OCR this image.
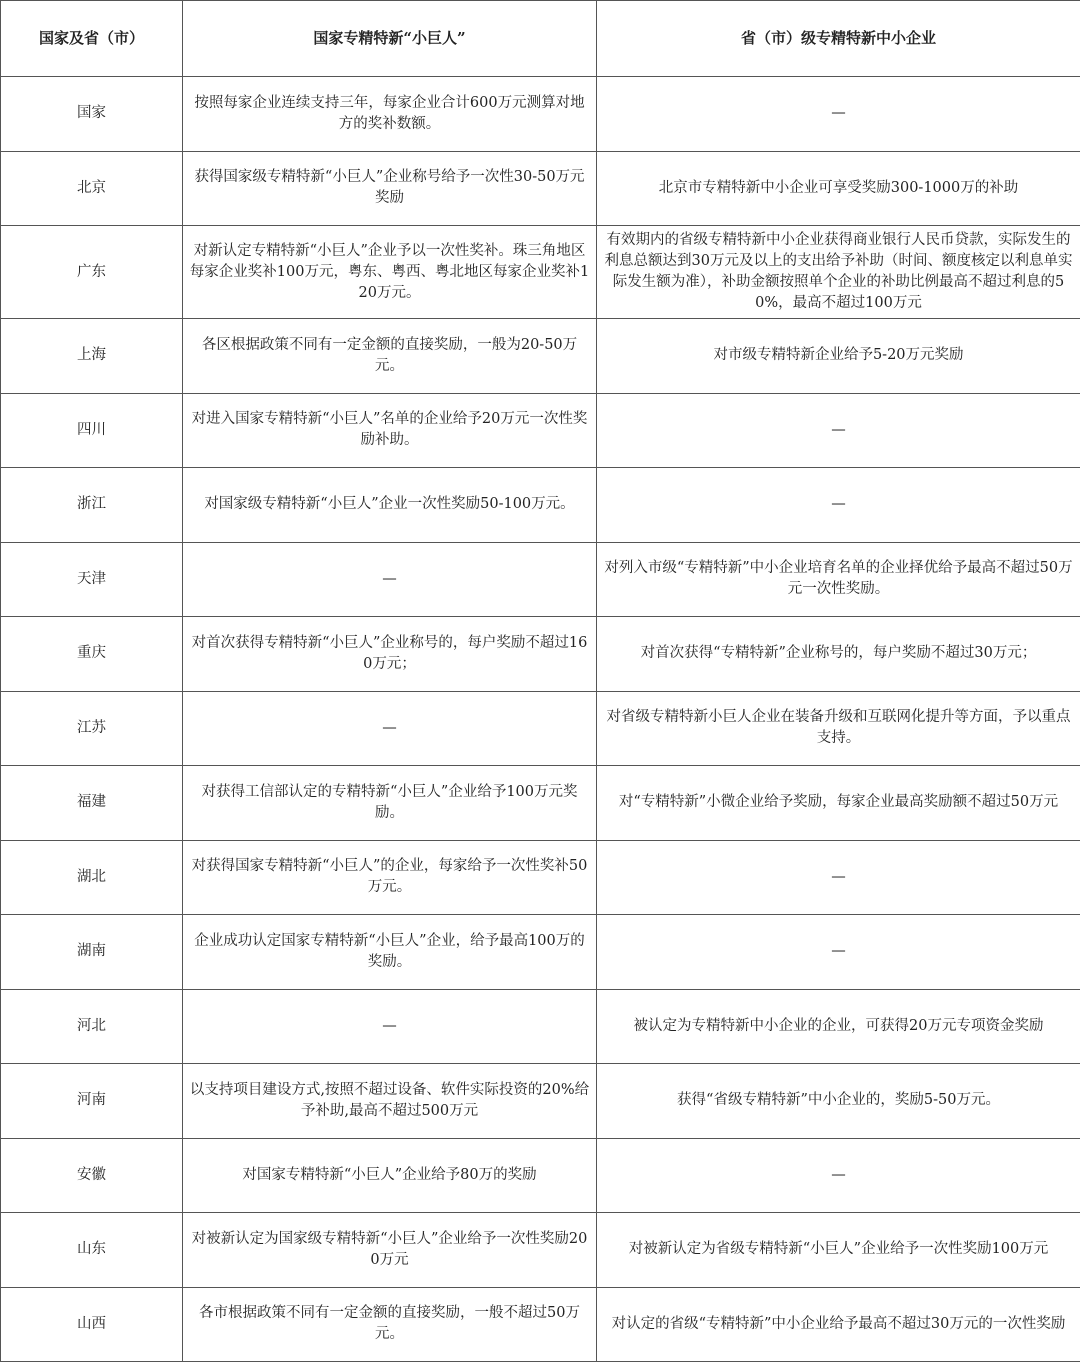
国家及省（市）	国家专精特新“小巨人”	省（市）级专精特新中小企业
国家	按照每家企业连续支持三年，每家企业合计600万元测算对地方的奖补数额。	—
北京	获得国家级专精特新“小巨人”企业称号给予一次性30-50万元奖励	北京市专精特新中小企业可享受奖励300-1000万的补助
广东	对新认定专精特新“小巨人”企业予以一次性奖补。珠三角地区每家企业奖补100万元，粤东、粤西、粤北地区每家企业奖补120万元。	有效期内的省级专精特新中小企业获得商业银行人民币贷款，实际发生的利息总额达到30万元及以上的支出给予补助（时间、额度核定以利息单实际发生额为准），补助金额按照单个企业的补助比例最高不超过利息的50%，最高不超过100万元
上海	各区根据政策不同有一定金额的直接奖励，一般为20-50万元。	对市级专精特新企业给予5-20万元奖励
四川	对进入国家专精特新“小巨人”名单的企业给予20万元一次性奖励补助。	—
浙江	对国家级专精特新“小巨人”企业一次性奖励50-100万元。	—
天津	—	对列入市级“专精特新”中小企业培育名单的企业择优给予最高不超过50万元一次性奖励。
重庆	对首次获得专精特新“小巨人”企业称号的，每户奖励不超过160万元；	对首次获得“专精特新”企业称号的，每户奖励不超过30万元；
江苏	—	对省级专精特新小巨人企业在装备升级和互联网化提升等方面，予以重点支持。
福建	对获得工信部认定的专精特新“小巨人”企业给予100万元奖励。	对“专精特新”小微企业给予奖励，每家企业最高奖励额不超过50万元
湖北	对获得国家专精特新“小巨人”的企业，每家给予一次性奖补50万元。	—
湖南	企业成功认定国家专精特新“小巨人”企业，给予最高100万的奖励。	—
河北	—	被认定为专精特新中小企业的企业，可获得20万元专项资金奖励
河南	以支持项目建设方式,按照不超过设备、软件实际投资的20%给予补助,最高不超过500万元	获得“省级专精特新”中小企业的，奖励5-50万元。
安徽	对国家专精特新“小巨人”企业给予80万的奖励	—
山东	对被新认定为国家级专精特新“小巨人”企业给予一次性奖励200万元	对被新认定为省级专精特新“小巨人”企业给予一次性奖励100万元
山西	各市根据政策不同有一定金额的直接奖励，一般不超过50万元。	对认定的省级“专精特新”中小企业给予最高不超过30万元的一次性奖励
